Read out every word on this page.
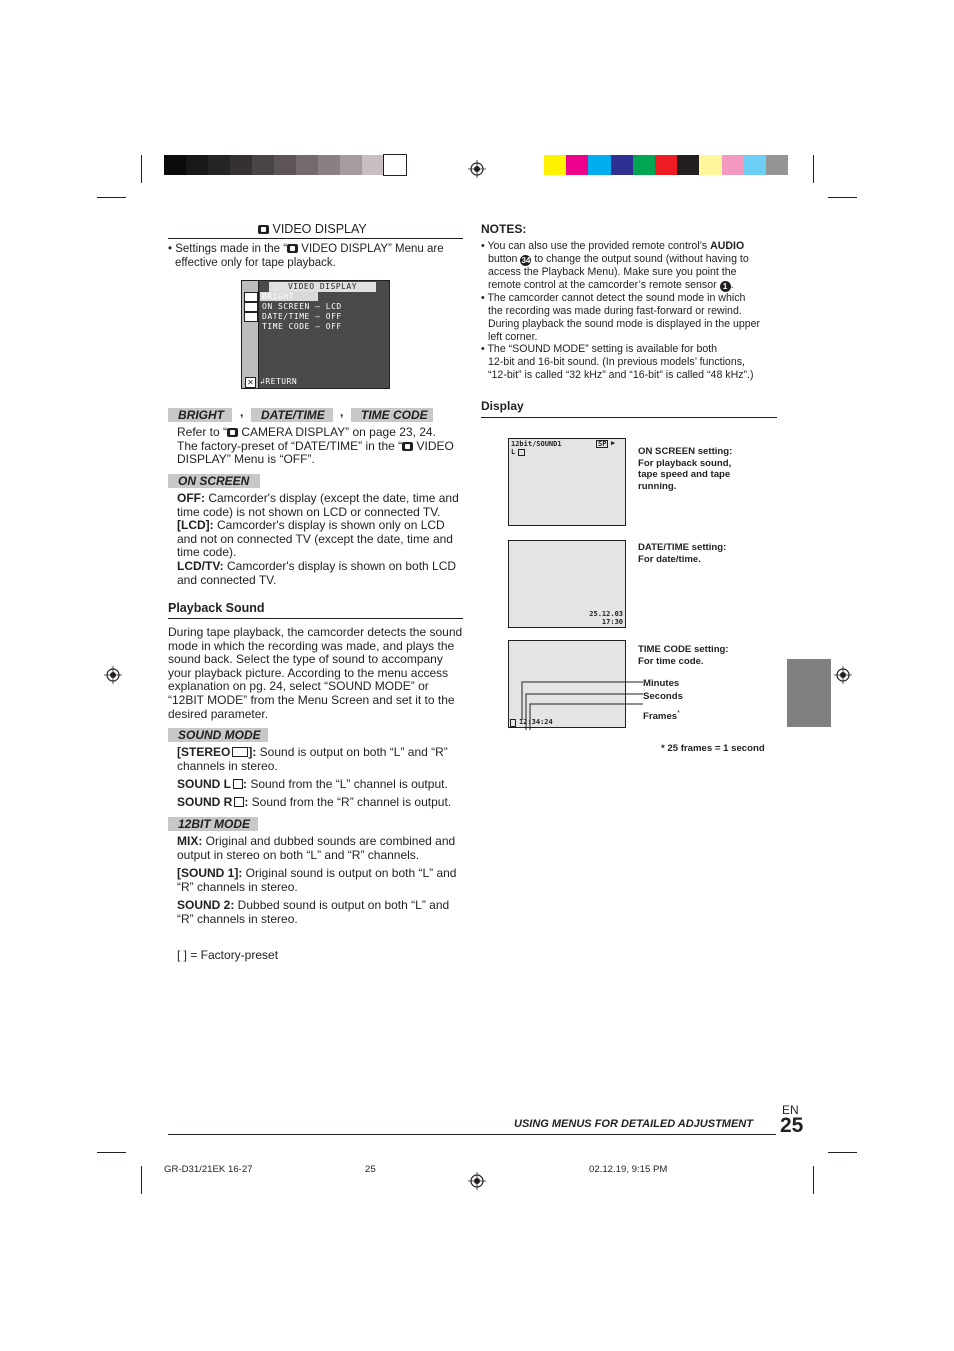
VIDEO DISPLAY
• Settings made in the “ VIDEO DISPLAY” Menu are
effective only for tape playback.
✕
VIDEO DISPLAY
BRIGHT
ON SCREEN – LCD
DATE/TIME – OFF
TIME CODE – OFF
↲RETURN
BRIGHT	,	DATE/TIME	,	TIME CODE
Refer to “ CAMERA DISPLAY” on page 23, 24.
The factory-preset of “DATE/TIME” in the “ VIDEO
DISPLAY” Menu is “OFF”.
ON SCREEN
OFF: Camcorder's display (except the date, time and
time code) is not shown on LCD or connected TV.
[LCD]: Camcorder's display is shown only on LCD
and not on connected TV (except the date, time and
time code).
LCD/TV: Camcorder's display is shown on both LCD
and connected TV.
Playback Sound
During tape playback, the camcorder detects the sound
mode in which the recording was made, and plays the
sound back. Select the type of sound to accompany
your playback picture. According to the menu access
explanation on pg. 24, select “SOUND MODE” or
“12BIT MODE” from the Menu Screen and set it to the
desired parameter.
SOUND MODE
[STEREO ]: Sound is output on both “L” and “R”
channels in stereo.
SOUND L : Sound from the “L” channel is output.
SOUND R : Sound from the “R” channel is output.
12BIT MODE
MIX: Original and dubbed sounds are combined and
output in stereo on both “L” and “R” channels.
[SOUND 1]: Original sound is output on both “L” and
“R” channels in stereo.
SOUND 2: Dubbed sound is output on both “L” and
“R” channels in stereo.
[ ] = Factory-preset
NOTES:
• You can also use the provided remote control’s AUDIO
button 34 to change the output sound (without having to
access the Playback Menu). Make sure you point the
remote control at the camcorder’s remote sensor 1 .
• The camcorder cannot detect the sound mode in which
the recording was made during fast-forward or rewind.
During playback the sound mode is displayed in the upper
left corner.
• The “SOUND MODE” setting is available for both
12-bit and 16-bit sound. (In previous models’ functions,
“12-bit” is called “32 kHz” and “16-bit” is called “48 kHz”.)
Display
12bit/SOUND1
L
SP ▶
ON SCREEN setting:
For playback sound,
tape speed and tape
running.
25.12.03
17:30
DATE/TIME setting:
For date/time.
12:34:24
TIME CODE setting:
For time code.
Minutes
Seconds
Frames*
* 25 frames = 1 second
EN
25
USING MENUS FOR DETAILED ADJUSTMENT
GR-D31/21EK 16-27	25	02.12.19, 9:15 PM
